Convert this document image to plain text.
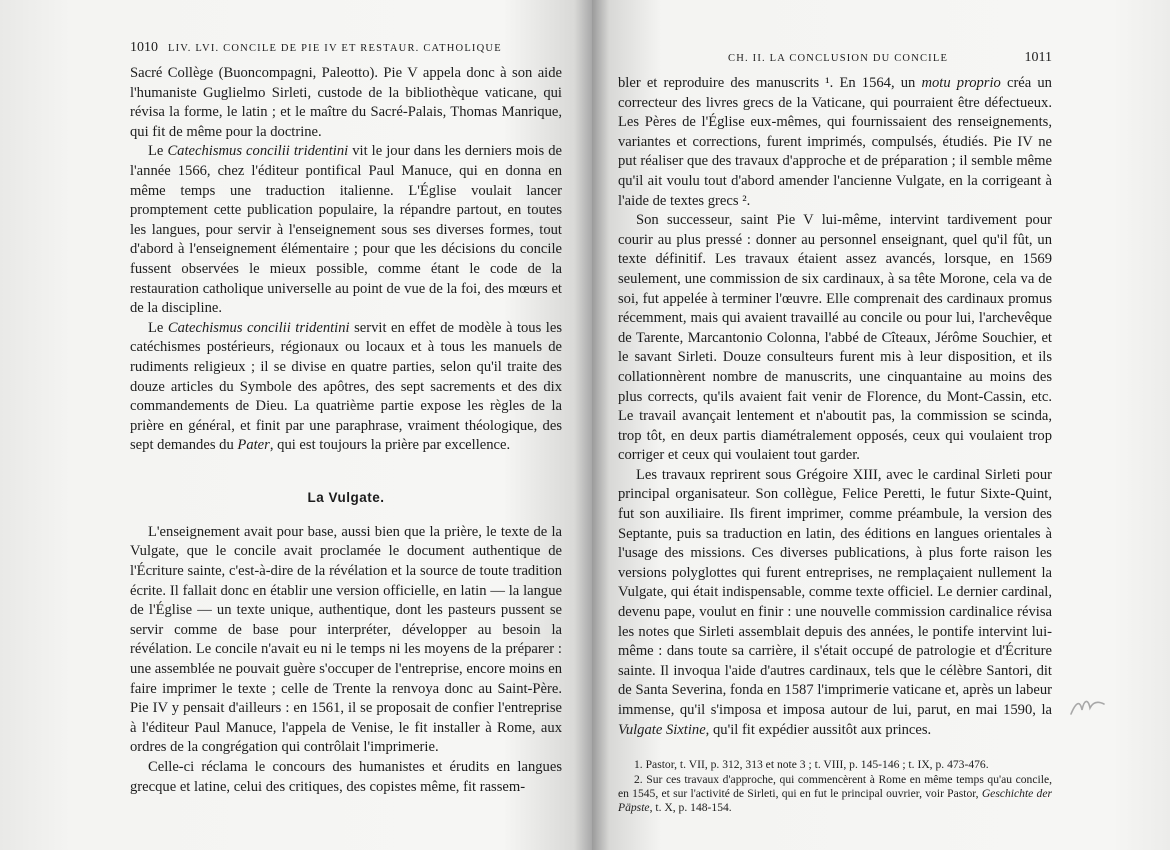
1010 LIV. LVI. CONCILE DE PIE IV ET RESTAUR. CATHOLIQUE

Sacré Collège (Buoncompagni, Paleotto). Pie V appela donc à son aide l'humaniste Guglielmo Sirleti, custode de la bibliothèque vaticane, qui révisa la forme, le latin ; et le maître du Sacré-Palais, Thomas Manrique, qui fit de même pour la doctrine.

Le Catechismus concilii tridentini vit le jour dans les derniers mois de l'année 1566, chez l'éditeur pontifical Paul Manuce, qui en donna en même temps une traduction italienne. L'Église voulait lancer promptement cette publication populaire, la répandre partout, en toutes les langues, pour servir à l'enseignement sous ses diverses formes, tout d'abord à l'enseignement élémentaire ; pour que les décisions du concile fussent observées le mieux possible, comme étant le code de la restauration catholique universelle au point de vue de la foi, des mœurs et de la discipline.

Le Catechismus concilii tridentini servit en effet de modèle à tous les catéchismes postérieurs, régionaux ou locaux et à tous les manuels de rudiments religieux ; il se divise en quatre parties, selon qu'il traite des douze articles du Symbole des apôtres, des sept sacrements et des dix commandements de Dieu. La quatrième partie expose les règles de la prière en général, et finit par une paraphrase, vraiment théologique, des sept demandes du Pater, qui est toujours la prière par excellence.

La Vulgate.

L'enseignement avait pour base, aussi bien que la prière, le texte de la Vulgate, que le concile avait proclamée le document authentique de l'Écriture sainte, c'est-à-dire de la révélation et la source de toute tradition écrite. Il fallait donc en établir une version officielle, en latin — la langue de l'Église — un texte unique, authentique, dont les pasteurs pussent se servir comme de base pour interpréter, développer au besoin la révélation. Le concile n'avait eu ni le temps ni les moyens de la préparer : une assemblée ne pouvait guère s'occuper de l'entreprise, encore moins en faire imprimer le texte ; celle de Trente la renvoya donc au Saint-Père. Pie IV y pensait d'ailleurs : en 1561, il se proposait de confier l'entreprise à l'éditeur Paul Manuce, l'appela de Venise, le fit installer à Rome, aux ordres de la congrégation qui contrôlait l'imprimerie.

Celle-ci réclama le concours des humanistes et érudits en langues grecque et latine, celui des critiques, des copistes même, fit rassem-

CH. II. LA CONCLUSION DU CONCILE	1011

bler et reproduire des manuscrits ¹. En 1564, un motu proprio créa un correcteur des livres grecs de la Vaticane, qui pourraient être défectueux. Les Pères de l'Église eux-mêmes, qui fournissaient des renseignements, variantes et corrections, furent imprimés, compulsés, étudiés. Pie IV ne put réaliser que des travaux d'approche et de préparation ; il semble même qu'il ait voulu tout d'abord amender l'ancienne Vulgate, en la corrigeant à l'aide de textes grecs ².

Son successeur, saint Pie V lui-même, intervint tardivement pour courir au plus pressé : donner au personnel enseignant, quel qu'il fût, un texte définitif. Les travaux étaient assez avancés, lorsque, en 1569 seulement, une commission de six cardinaux, à sa tête Morone, cela va de soi, fut appelée à terminer l'œuvre. Elle comprenait des cardinaux promus récemment, mais qui avaient travaillé au concile ou pour lui, l'archevêque de Tarente, Marcantonio Colonna, l'abbé de Cîteaux, Jérôme Souchier, et le savant Sirleti. Douze consulteurs furent mis à leur disposition, et ils collationnèrent nombre de manuscrits, une cinquantaine au moins des plus corrects, qu'ils avaient fait venir de Florence, du Mont-Cassin, etc. Le travail avançait lentement et n'aboutit pas, la commission se scinda, trop tôt, en deux partis diamétralement opposés, ceux qui voulaient trop corriger et ceux qui voulaient tout garder.

Les travaux reprirent sous Grégoire XIII, avec le cardinal Sirleti pour principal organisateur. Son collègue, Felice Peretti, le futur Sixte-Quint, fut son auxiliaire. Ils firent imprimer, comme préambule, la version des Septante, puis sa traduction en latin, des éditions en langues orientales à l'usage des missions. Ces diverses publications, à plus forte raison les versions polyglottes qui furent entreprises, ne remplaçaient nullement la Vulgate, qui était indispensable, comme texte officiel. Le dernier cardinal, devenu pape, voulut en finir : une nouvelle commission cardinalice révisa les notes que Sirleti assemblait depuis des années, le pontife intervint lui-même : dans toute sa carrière, il s'était occupé de patrologie et d'Écriture sainte. Il invoqua l'aide d'autres cardinaux, tels que le célèbre Santori, dit de Santa Severina, fonda en 1587 l'imprimerie vaticane et, après un labeur immense, qu'il s'imposa et imposa autour de lui, parut, en mai 1590, la Vulgate Sixtine, qu'il fit expédier aussitôt aux princes.

1. Pastor, t. VII, p. 312, 313 et note 3 ; t. VIII, p. 145-146 ; t. IX, p. 473-476.

2. Sur ces travaux d'approche, qui commencèrent à Rome en même temps qu'au concile, en 1545, et sur l'activité de Sirleti, qui en fut le principal ouvrier, voir Pastor, Geschichte der Päpste, t. X, p. 148-154.
